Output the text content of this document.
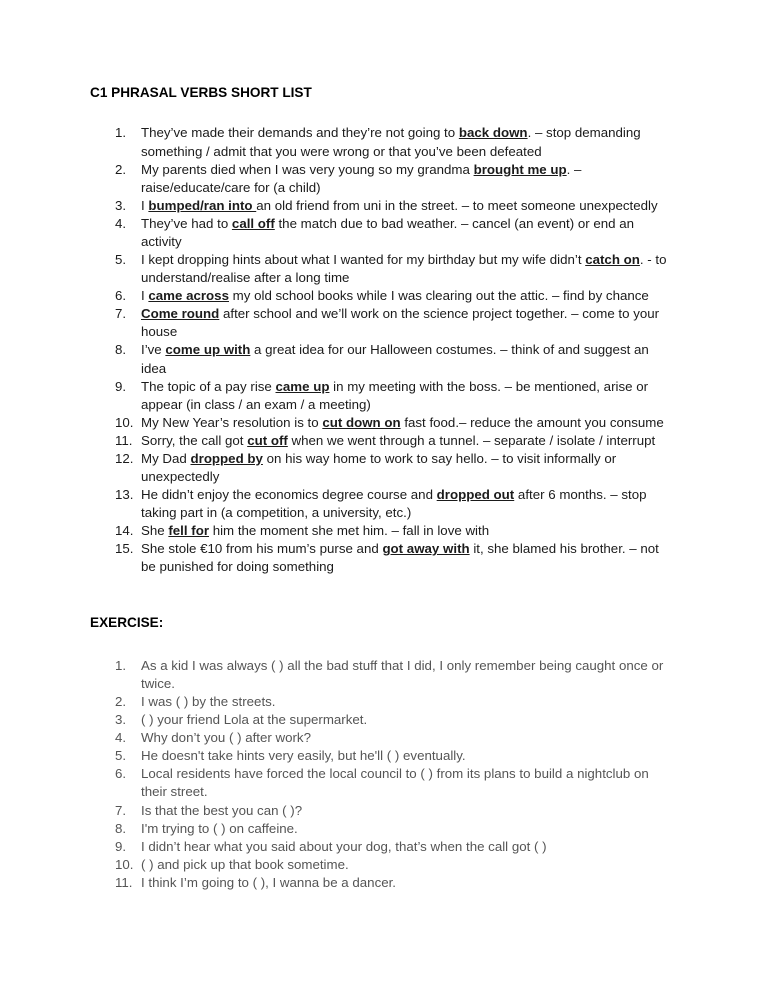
C1 PHRASAL VERBS SHORT LIST
1.	They’ve made their demands and they’re not going to back down. – stop demanding something / admit that you were wrong or that you’ve been defeated
2.	My parents died when I was very young so my grandma brought me up. – raise/educate/care for (a child)
3.	I bumped/ran into an old friend from uni in the street. – to meet someone unexpectedly
4.	They’ve had to call off the match due to bad weather. – cancel (an event) or end an activity
5.	I kept dropping hints about what I wanted for my birthday but my wife didn’t catch on. - to understand/realise after a long time
6.	I came across my old school books while I was clearing out the attic. – find by chance
7.	Come round after school and we’ll work on the science project together. – come to your house
8.	I’ve come up with a great idea for our Halloween costumes. – think of and suggest an idea
9.	The topic of a pay rise came up in my meeting with the boss. – be mentioned, arise or appear (in class / an exam / a meeting)
10. My New Year’s resolution is to cut down on fast food.– reduce the amount you consume
11. Sorry, the call got cut off when we went through a tunnel. – separate / isolate / interrupt
12. My Dad dropped by on his way home to work to say hello. – to visit informally or unexpectedly
13. He didn’t enjoy the economics degree course and dropped out after 6 months. – stop taking part in (a competition, a university, etc.)
14. She fell for him the moment she met him. – fall in love with
15. She stole €10 from his mum’s purse and got away with it, she blamed his brother. – not be punished for doing something
EXERCISE:
1.	As a kid I was always ( ) all the bad stuff that I did, I only remember being caught once or twice.
2.	I was ( ) by the streets.
3.	( ) your friend Lola at the supermarket.
4.	Why don’t you ( ) after work?
5.	He doesn't take hints very easily, but he'll ( ) eventually.
6.	Local residents have forced the local council to ( ) from its plans to build a nightclub on their street.
7.	Is that the best you can ( )?
8.	I'm trying to ( ) on caffeine.
9.	I didn’t hear what you said about your dog, that’s when the call got ( )
10. ( ) and pick up that book sometime.
11. I think I’m going to ( ), I wanna be a dancer.
